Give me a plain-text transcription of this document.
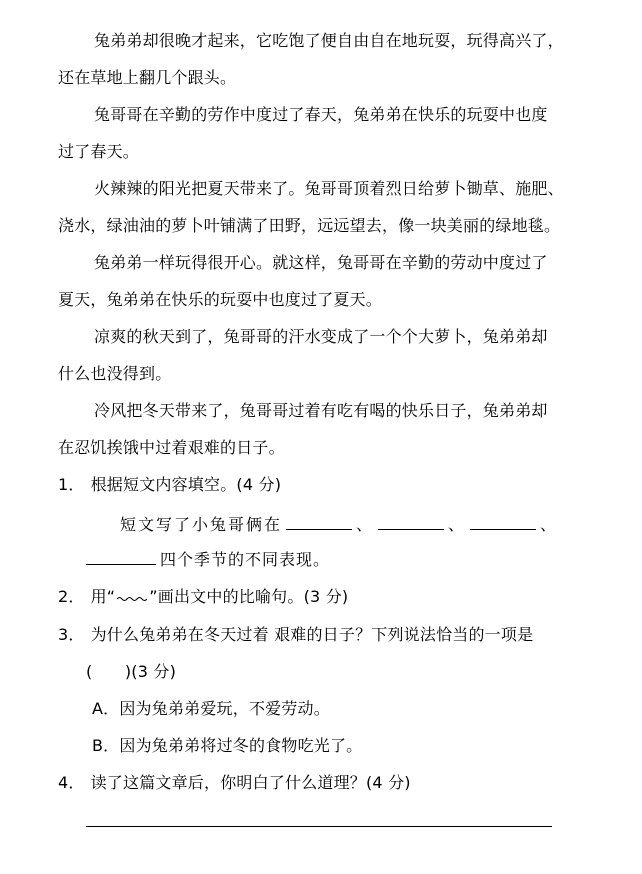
兔弟弟却很晚才起来，它吃饱了便自由自在地玩耍，玩得高兴了，
还在草地上翻几个跟头。
兔哥哥在辛勤的劳作中度过了春天，兔弟弟在快乐的玩耍中也度
过了春天。
火辣辣的阳光把夏天带来了。兔哥哥顶着烈日给萝卜锄草、施肥、
浇水，绿油油的萝卜叶铺满了田野，远远望去，像一块美丽的绿地毯。
兔弟弟一样玩得很开心。就这样，兔哥哥在辛勤的劳动中度过了
夏天，兔弟弟在快乐的玩耍中也度过了夏天。
凉爽的秋天到了，兔哥哥的汗水变成了一个个大萝卜，兔弟弟却
什么也没得到。
冷风把冬天带来了，兔哥哥过着有吃有喝的快乐日子，兔弟弟却
在忍饥挨饿中过着艰难的日子。
1． 根据短文内容填空。(4 分)
短文写了小兔哥俩在	、	、	、
四个季节的不同表现。
2． 用“ ”画出文中的比喻句。(3 分)
3． 为什么兔弟弟在冬天过着 艰难的日子？下列说法恰当的一项是
(　　)(3 分)
A．因为兔弟弟爱玩，不爱劳动。
B．因为兔弟弟将过冬的食物吃光了。
4． 读了这篇文章后，你明白了什么道理？(4 分)
